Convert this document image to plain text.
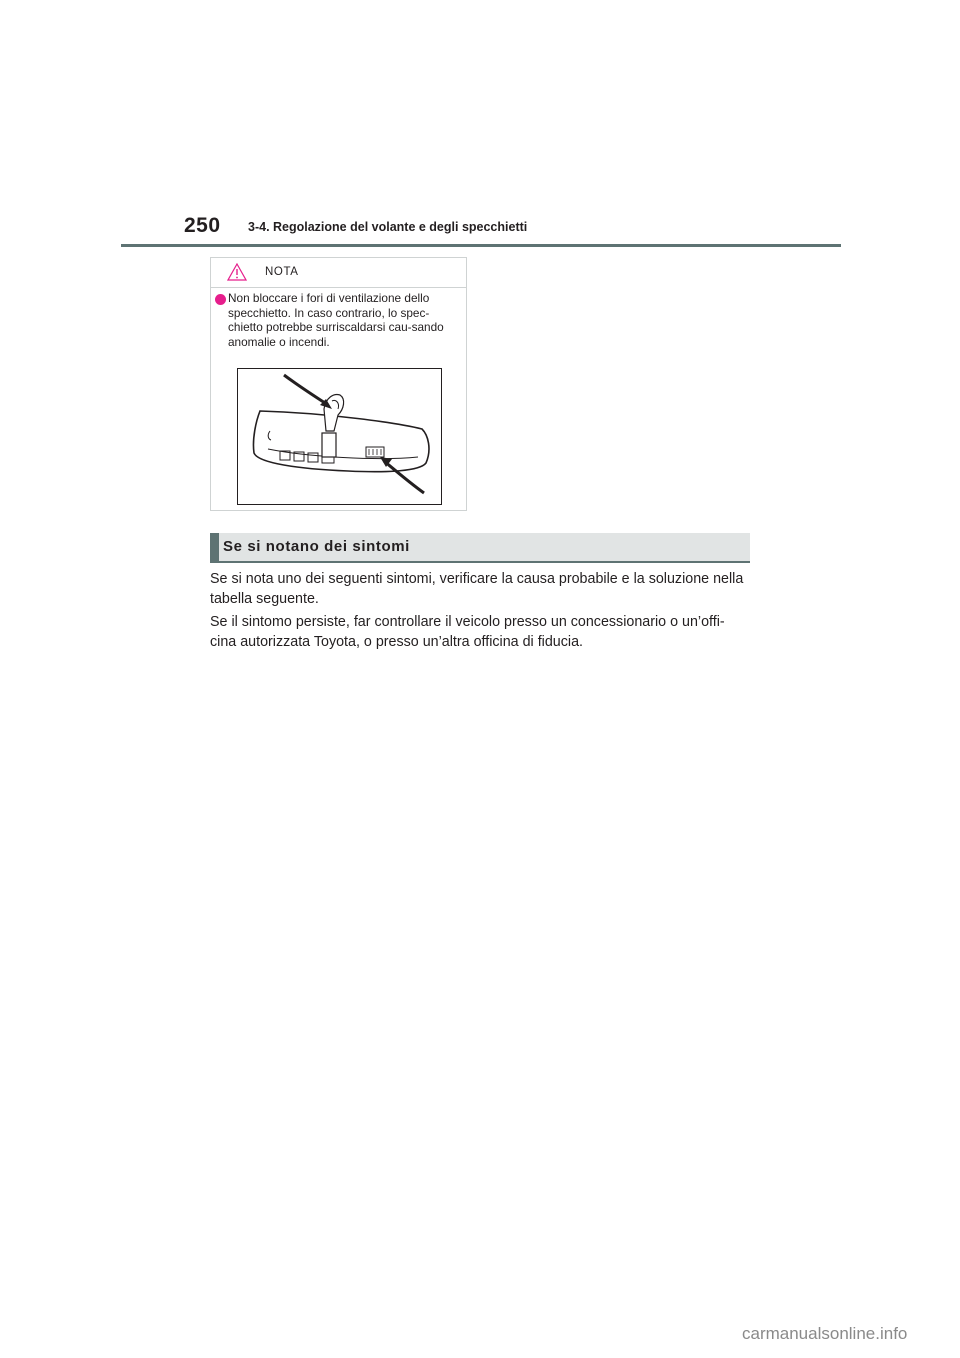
250 3-4. Regolazione del volante e degli specchietti
NOTA
Non bloccare i fori di ventilazione dello specchietto. In caso contrario, lo spec-chietto potrebbe surriscaldarsi cau-sando anomalie o incendi.
Se si notano dei sintomi

Se si nota uno dei seguenti sintomi, verificare la causa probabile e la soluzione nella tabella seguente.

Se il sintomo persiste, far controllare il veicolo presso un concessionario o un’offi-cina autorizzata Toyota, o presso un’altra officina di fiducia.

carmanualsonline.info
